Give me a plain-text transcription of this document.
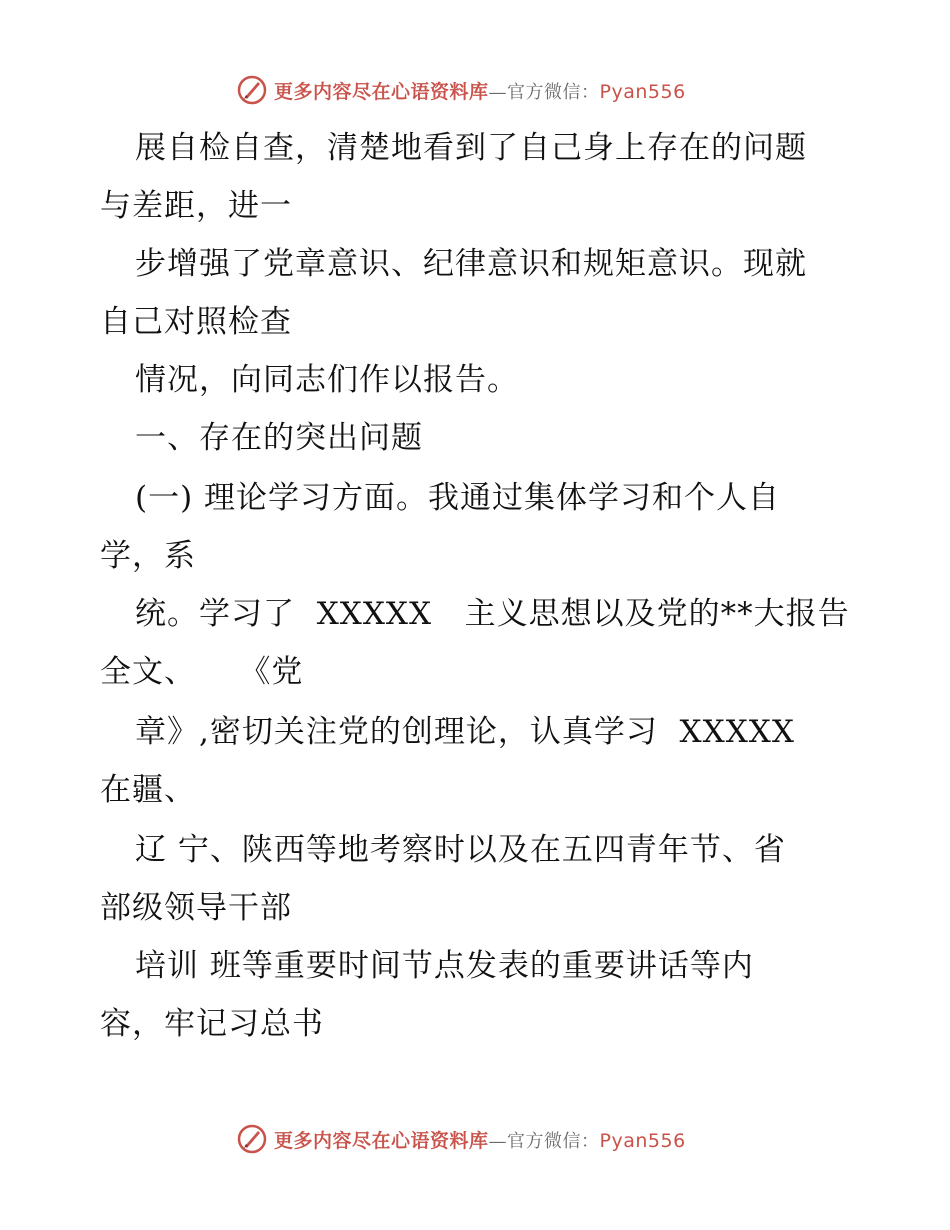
更多内容尽在心语资料库—官方微信：Pyan556
展自检自查，清楚地看到了自己身上存在的问题
与差距，进一
步增强了党章意识、纪律意识和规矩意识。现就
自己对照检查
情况，向同志们作以报告。
一、存在的突出问题
(一) 理论学习方面。我通过集体学习和个人自
学，系
统。学习了  XXXXX   主义思想以及党的**大报告
全文、    《党
章》,密切关注党的创理论，认真学习  XXXXX
在疆、
辽 宁、陕西等地考察时以及在五四青年节、省
部级领导干部
培训 班等重要时间节点发表的重要讲话等内
容，牢记习总书
更多内容尽在心语资料库—官方微信：Pyan556
